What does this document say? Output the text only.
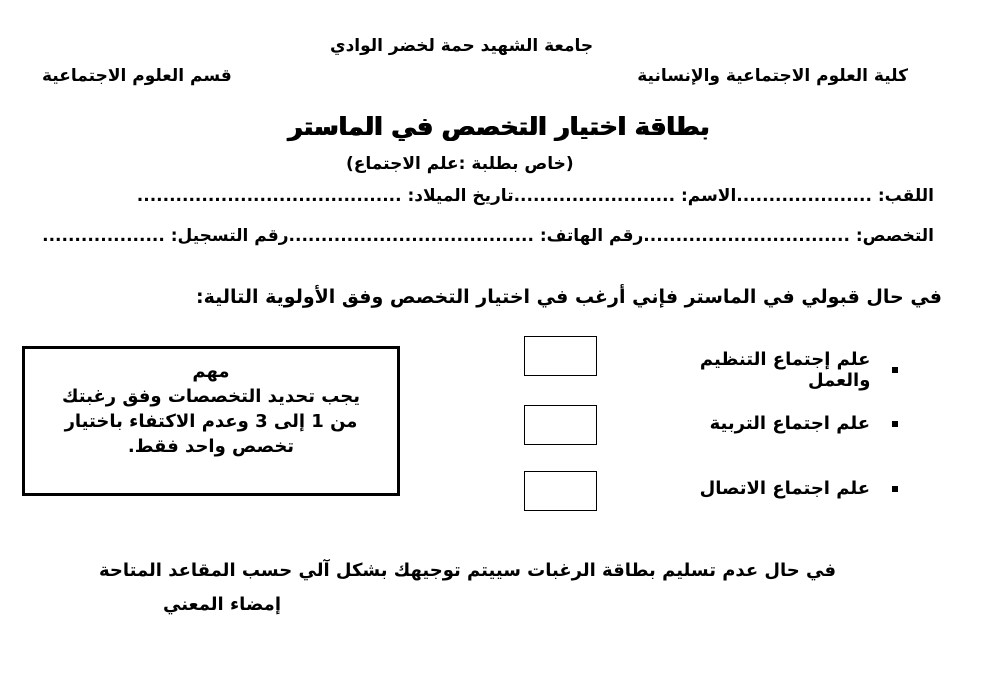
جامعة الشهيد حمة لخضر الوادي
كلية العلوم الاجتماعية والإنسانية
قسم العلوم الاجتماعية
بطاقة اختيار التخصص في الماستر
(خاص بطلبة :علم الاجتماع)
اللقب: .....................الاسم: .........................تاريخ الميلاد: .........................................
التخصص: ................................رقم الهاتف: ......................................رقم التسجيل: ...................
في حال قبولي في الماستر فإني أرغب في اختيار التخصص وفق الأولوية التالية:
علم إجتماع التنظيم والعمل
علم اجتماع التربية
علم اجتماع الاتصال
مهم
يجب تحديد التخصصات وفق رغبتك
من 1 إلى 3 وعدم الاكتفاء باختيار
تخصص واحد فقط.
في حال عدم تسليم بطاقة الرغبات سييتم توجيهك بشكل آلي حسب المقاعد المتاحة
إمضاء المعني
